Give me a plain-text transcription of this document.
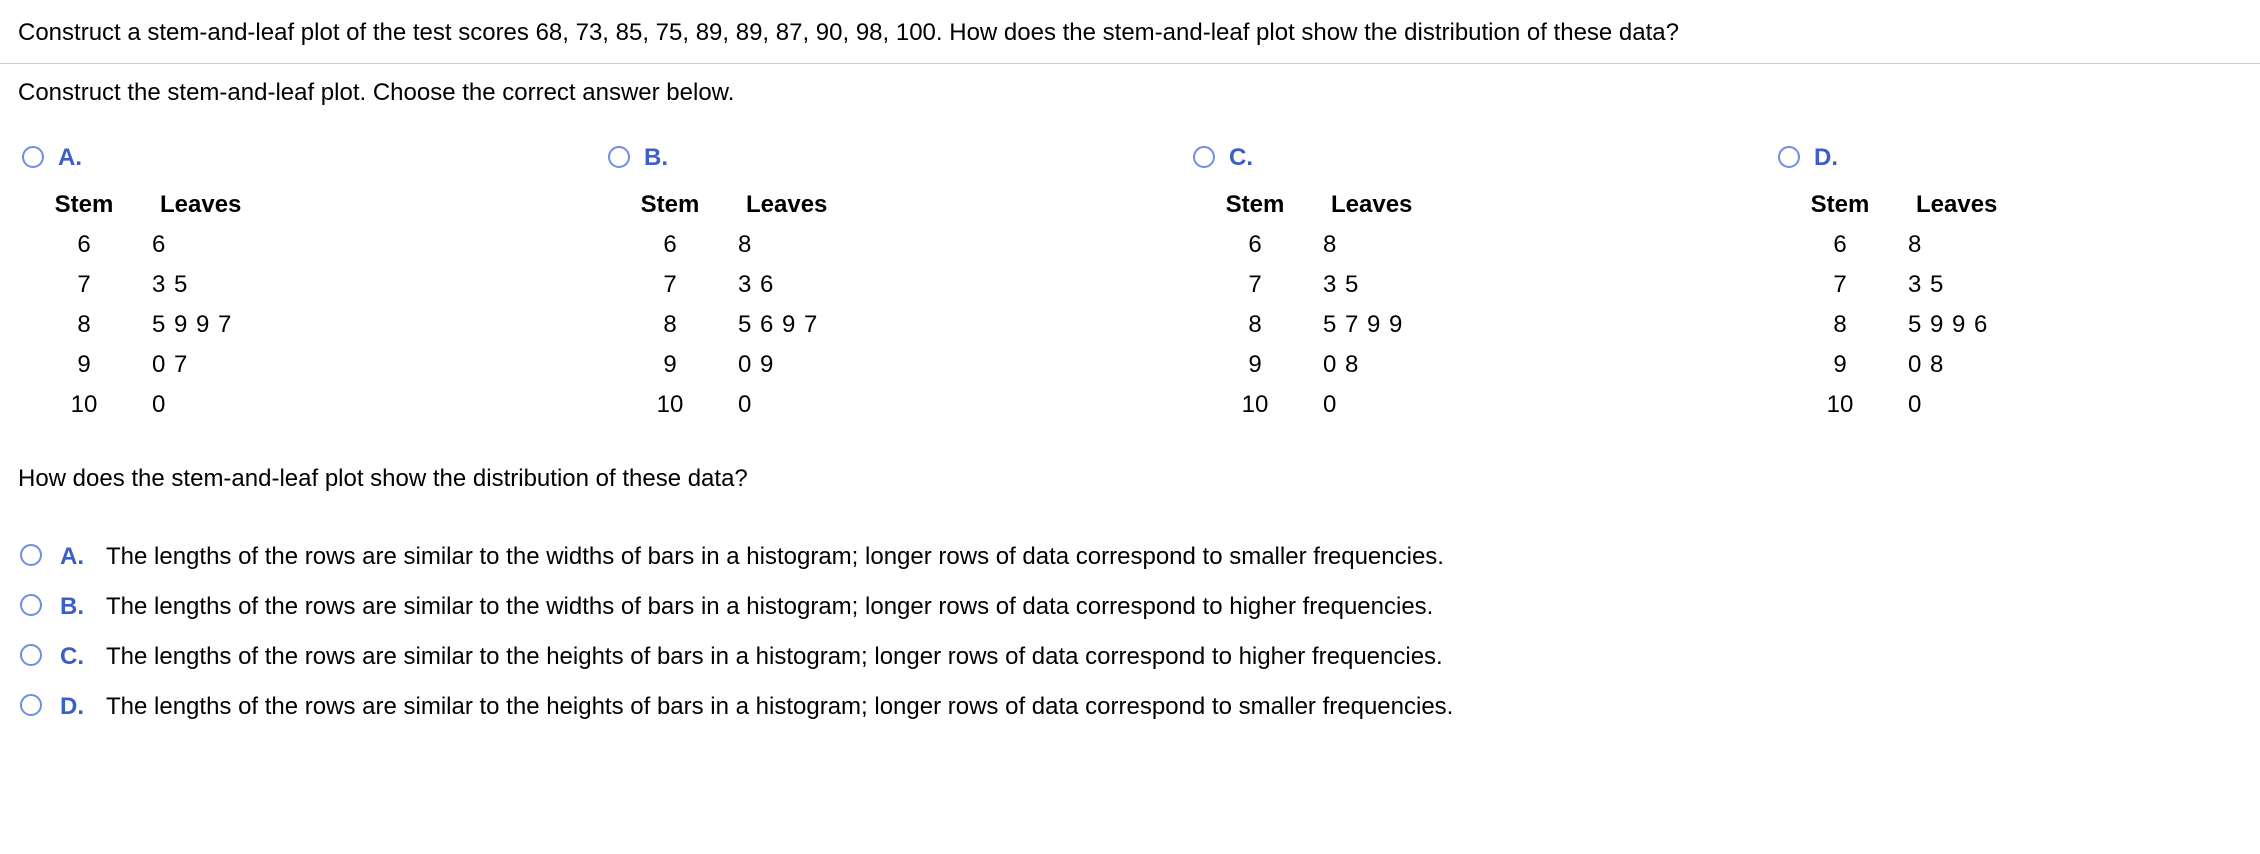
Construct a stem-and-leaf plot of the test scores 68, 73, 85, 75, 89, 89, 87, 90, 98, 100. How does the stem-and-leaf plot show the distribution of these data?
Construct the stem-and-leaf plot. Choose the correct answer below.
A.
Stem	Leaves
6	6
7	3 5
8	5 9 9 7
9	0 7
10	0
B.
Stem	Leaves
6	8
7	3 6
8	5 6 9 7
9	0 9
10	0
C.
Stem	Leaves
6	8
7	3 5
8	5 7 9 9
9	0 8
10	0
D.
Stem	Leaves
6	8
7	3 5
8	5 9 9 6
9	0 8
10	0
How does the stem-and-leaf plot show the distribution of these data?
A. The lengths of the rows are similar to the widths of bars in a histogram; longer rows of data correspond to smaller frequencies.
B. The lengths of the rows are similar to the widths of bars in a histogram; longer rows of data correspond to higher frequencies.
C. The lengths of the rows are similar to the heights of bars in a histogram; longer rows of data correspond to higher frequencies.
D. The lengths of the rows are similar to the heights of bars in a histogram; longer rows of data correspond to smaller frequencies.
